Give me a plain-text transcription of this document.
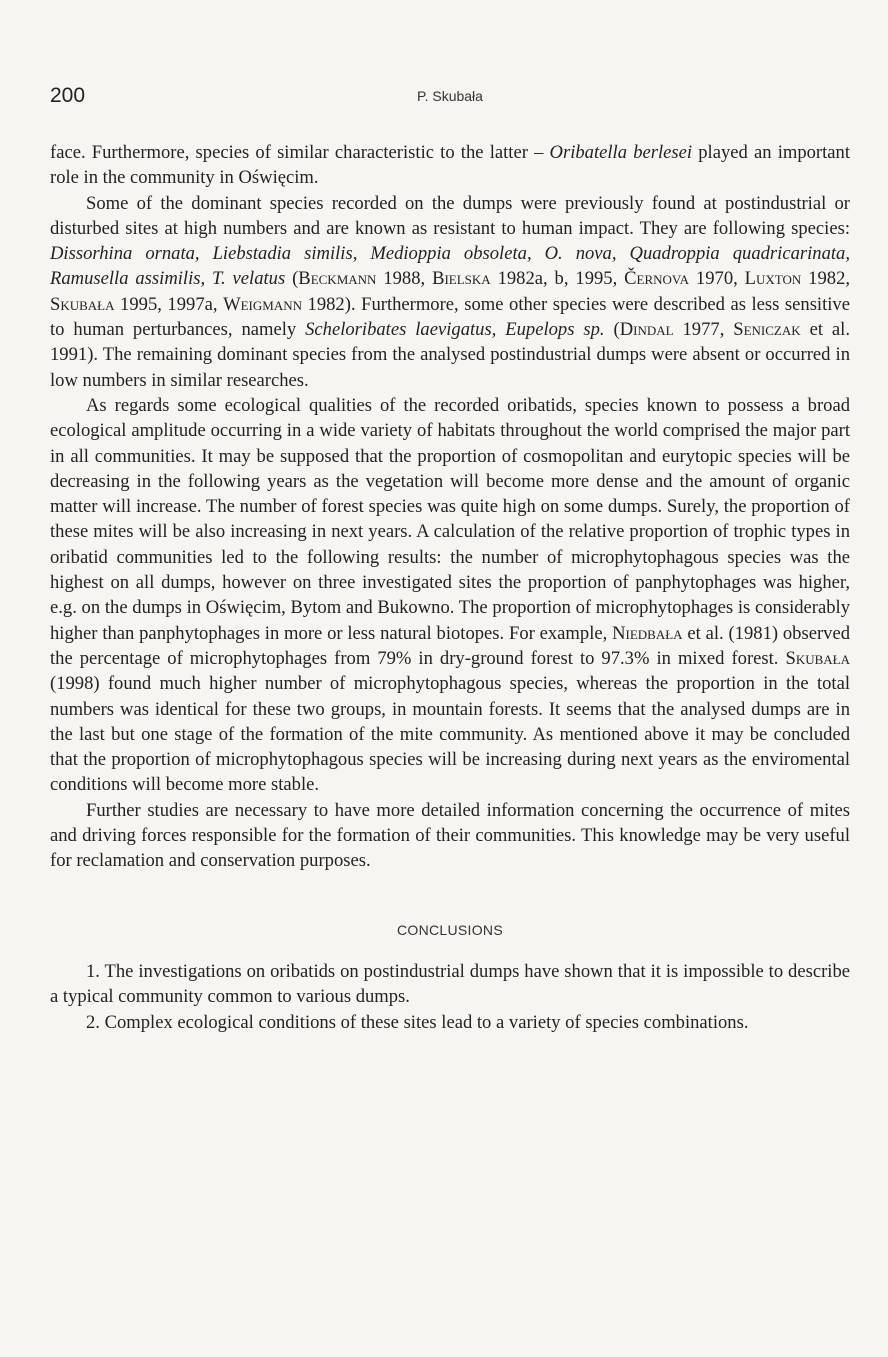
200	P. Skubała

face. Furthermore, species of similar characteristic to the latter – Oribatella berlesei played an important role in the community in Oświęcim.

Some of the dominant species recorded on the dumps were previously found at postindustrial or disturbed sites at high numbers and are known as resistant to human impact. They are following species: Dissorhina ornata, Liebstadia similis, Medioppia obsoleta, O. nova, Quadroppia quadricarinata, Ramusella assimilis, T. velatus (Beckmann 1988, Bielska 1982a, b, 1995, Černova 1970, Luxton 1982, Skubała 1995, 1997a, Weigmann 1982). Furthermore, some other species were described as less sensitive to human perturbances, namely Scheloribates laevigatus, Eupelops sp. (Dindal 1977, Seniczak et al. 1991). The remaining dominant species from the analysed postindustrial dumps were absent or occurred in low numbers in similar researches.

As regards some ecological qualities of the recorded oribatids, species known to possess a broad ecological amplitude occurring in a wide variety of habitats throughout the world comprised the major part in all communities. It may be supposed that the proportion of cosmopolitan and eurytopic species will be decreasing in the following years as the vegetation will become more dense and the amount of organic matter will increase. The number of forest species was quite high on some dumps. Surely, the proportion of these mites will be also increasing in next years. A calculation of the relative proportion of trophic types in oribatid communities led to the following results: the number of microphytophagous species was the highest on all dumps, however on three investigated sites the proportion of panphytophages was higher, e.g. on the dumps in Oświęcim, Bytom and Bukowno. The proportion of microphytophages is considerably higher than panphytophages in more or less natural biotopes. For example, Niedbała et al. (1981) observed the percentage of microphytophages from 79% in dry-ground forest to 97.3% in mixed forest. Skubała (1998) found much higher number of microphytophagous species, whereas the proportion in the total numbers was identical for these two groups, in mountain forests. It seems that the analysed dumps are in the last but one stage of the formation of the mite community. As mentioned above it may be concluded that the proportion of microphytophagous species will be increasing during next years as the enviromental conditions will become more stable.

Further studies are necessary to have more detailed information concerning the occurrence of mites and driving forces responsible for the formation of their communities. This knowledge may be very useful for reclamation and conservation purposes.

CONCLUSIONS

1. The investigations on oribatids on postindustrial dumps have shown that it is impossible to describe a typical community common to various dumps.

2. Complex ecological conditions of these sites lead to a variety of species combinations.
